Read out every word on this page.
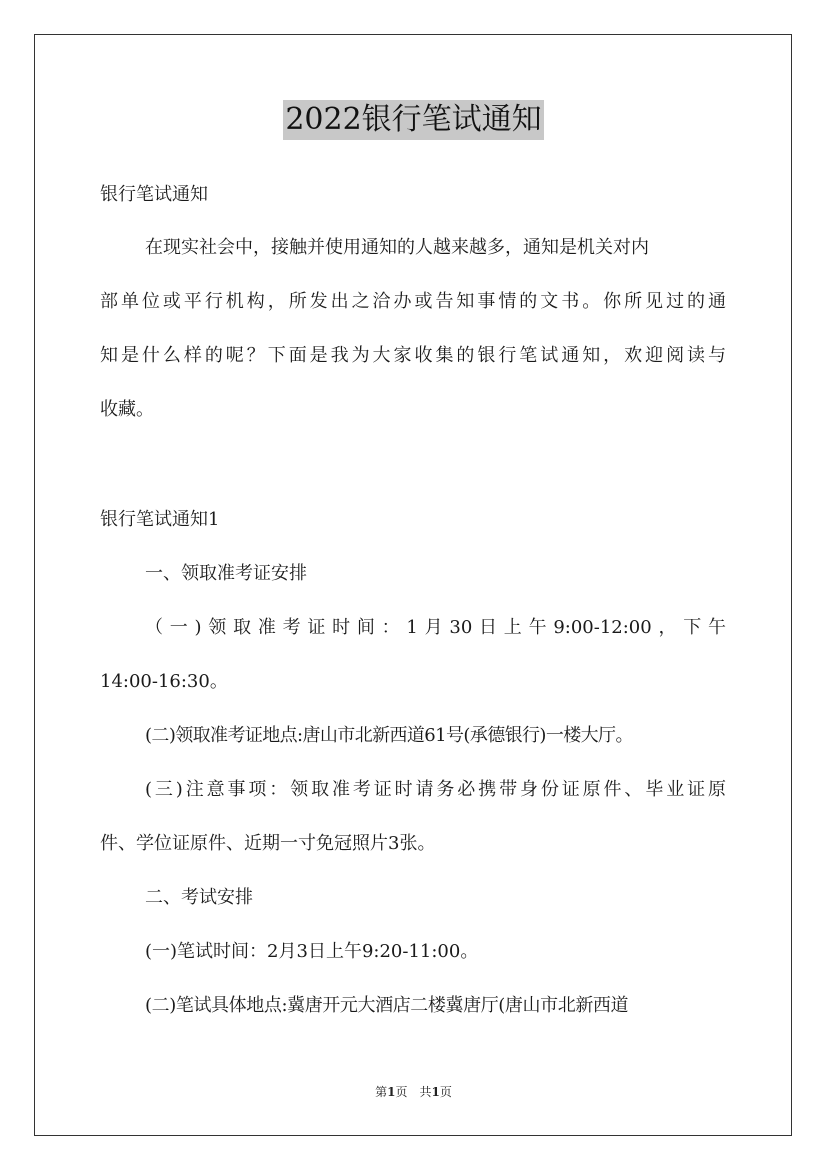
2022银行笔试通知
银行笔试通知
在现实社会中，接触并使用通知的人越来越多，通知是机关对内
部单位或平行机构，所发出之洽办或告知事情的文书。你所见过的通
知是什么样的呢？下面是我为大家收集的银行笔试通知，欢迎阅读与
收藏。
银行笔试通知1
一、领取准考证安排
（一)领取准考证时间：1月30日上午9:00-12:00，下午
14:00-16:30。
(二)领取准考证地点:唐山市北新西道61号(承德银行)一楼大厅。
(三)注意事项：领取准考证时请务必携带身份证原件、毕业证原
件、学位证原件、近期一寸免冠照片3张。
二、考试安排
(一)笔试时间：2月3日上午9:20-11:00。
(二)笔试具体地点:冀唐开元大酒店二楼冀唐厅(唐山市北新西道
第1页　共1页
